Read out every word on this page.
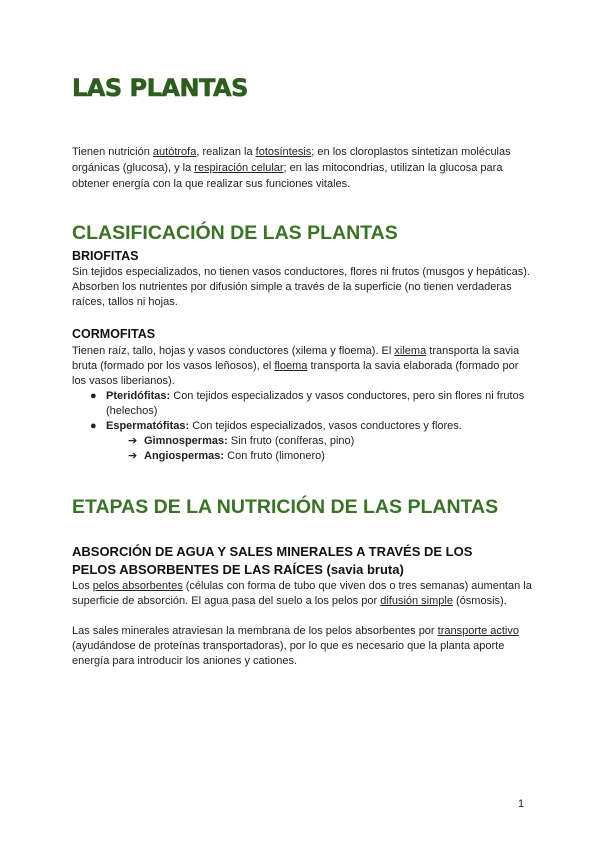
LAS PLANTAS

Tienen nutrición autótrofa, realizan la fotosíntesis; en los cloroplastos sintetizan moléculas orgánicas (glucosa), y la respiración celular; en las mitocondrias, utilizan la glucosa para obtener energía con la que realizar sus funciones vitales.

CLASIFICACIÓN DE LAS PLANTAS
BRIOFITAS

Sin tejidos especializados, no tienen vasos conductores, flores ni frutos (musgos y hepáticas). Absorben los nutrientes por difusión simple a través de la superficie (no tienen verdaderas raíces, tallos ni hojas.

CORMOFITAS

Tienen raíz, tallo, hojas y vasos conductores (xilema y floema). El xilema transporta la savia bruta (formado por los vasos leñosos), el floema transporta la savia elaborada (formado por los vasos liberianos).

● Pteridófitas: Con tejidos especializados y vasos conductores, pero sin flores ni frutos (helechos)
● Espermatófitas: Con tejidos especializados, vasos conductores y flores.
➔ Gimnospermas: Sin fruto (coníferas, pino)
➔ Angiospermas: Con fruto (limonero)
ETAPAS DE LA NUTRICIÓN DE LAS PLANTAS
ABSORCIÓN DE AGUA Y SALES MINERALES A TRAVÉS DE LOS
PELOS ABSORBENTES DE LAS RAÍCES (savia bruta)

Los pelos absorbentes (células con forma de tubo que viven dos o tres semanas) aumentan la superficie de absorción. El agua pasa del suelo a los pelos por difusión simple (ósmosis).

Las sales minerales atraviesan la membrana de los pelos absorbentes por transporte activo (ayudándose de proteínas transportadoras), por lo que es necesario que la planta aporte energía para introducir los aniones y cationes.

1
